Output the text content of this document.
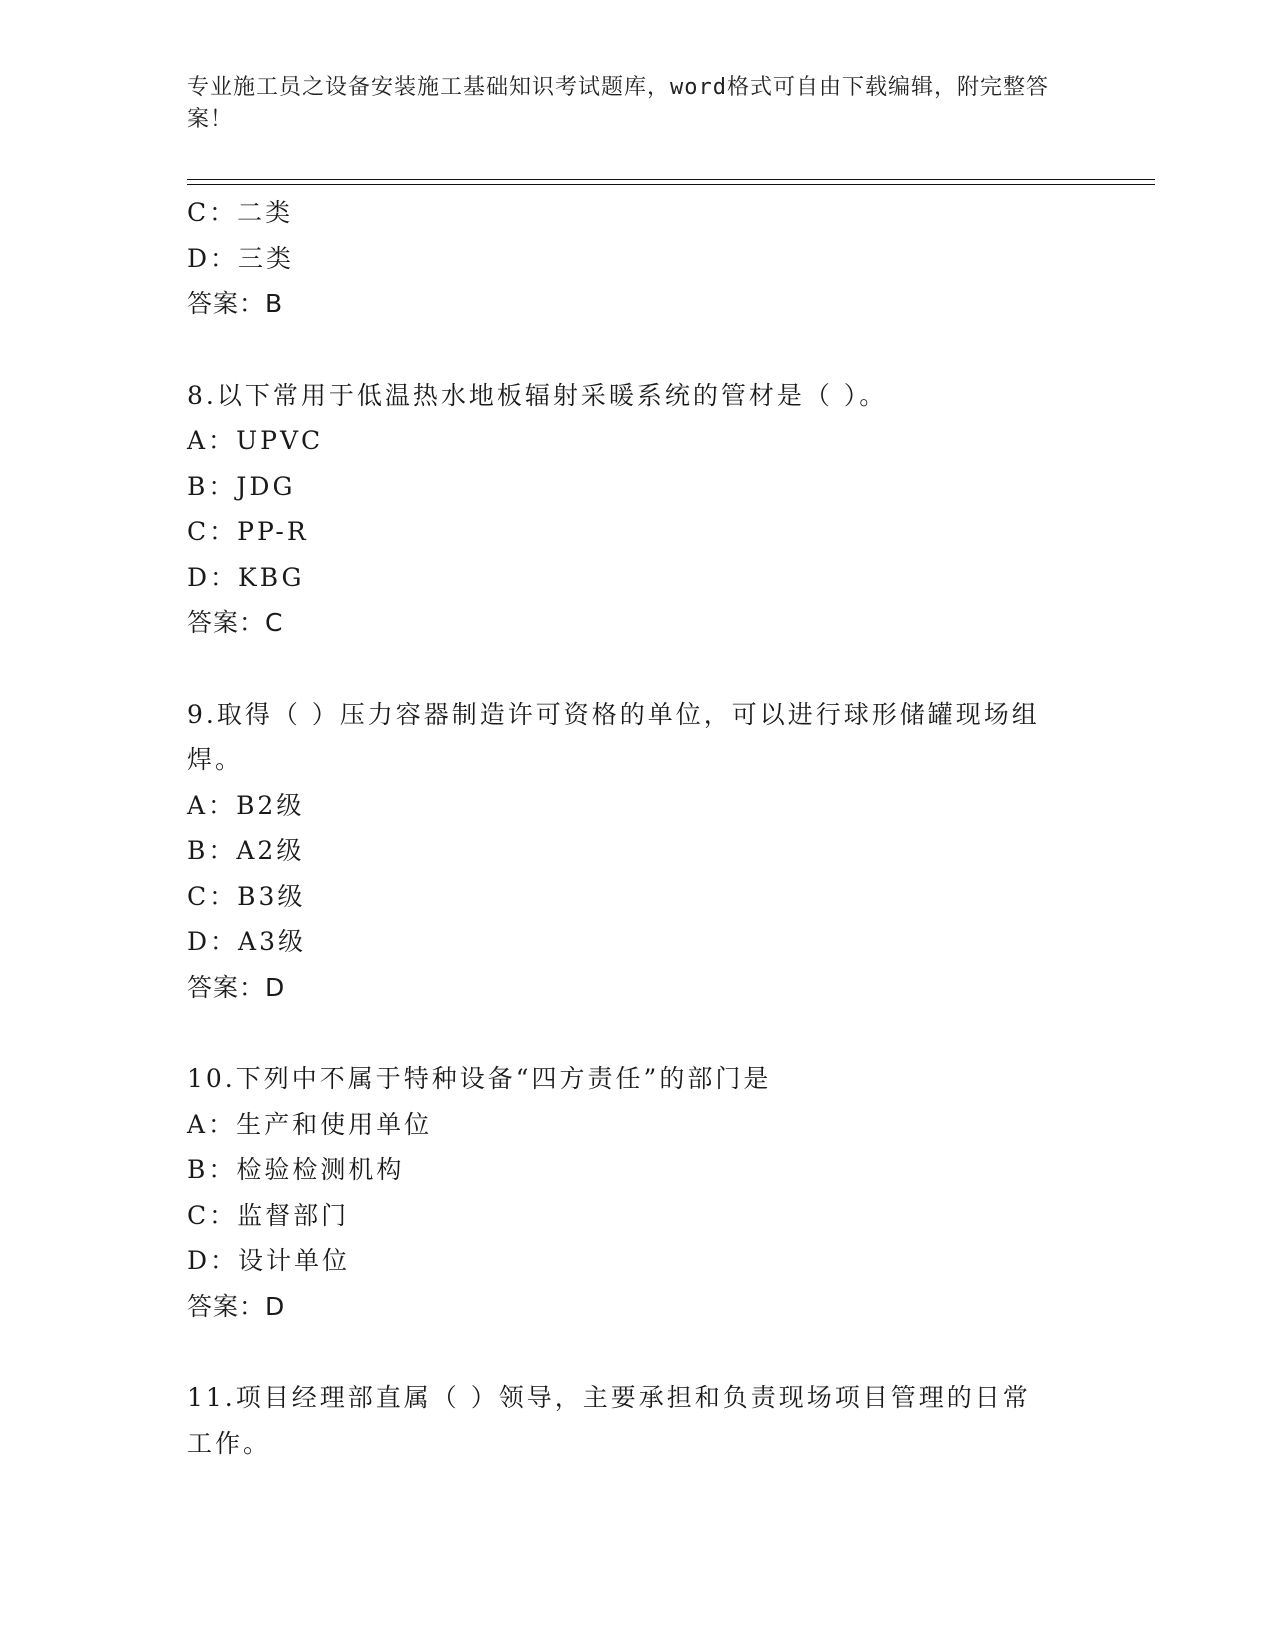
专业施工员之设备安装施工基础知识考试题库，word格式可自由下载编辑，附完整答案！
C：二类
D：三类
答案：B
8.以下常用于低温热水地板辐射采暖系统的管材是（ ）。
A：UPVC
B：JDG
C：PP-R
D：KBG
答案：C
9.取得（ ）压力容器制造许可资格的单位，可以进行球形储罐现场组
焊。
A：B2级
B：A2级
C：B3级
D：A3级
答案：D
10.下列中不属于特种设备“四方责任”的部门是
A：生产和使用单位
B：检验检测机构
C：监督部门
D：设计单位
答案：D
11.项目经理部直属（ ）领导，主要承担和负责现场项目管理的日常
工作。
